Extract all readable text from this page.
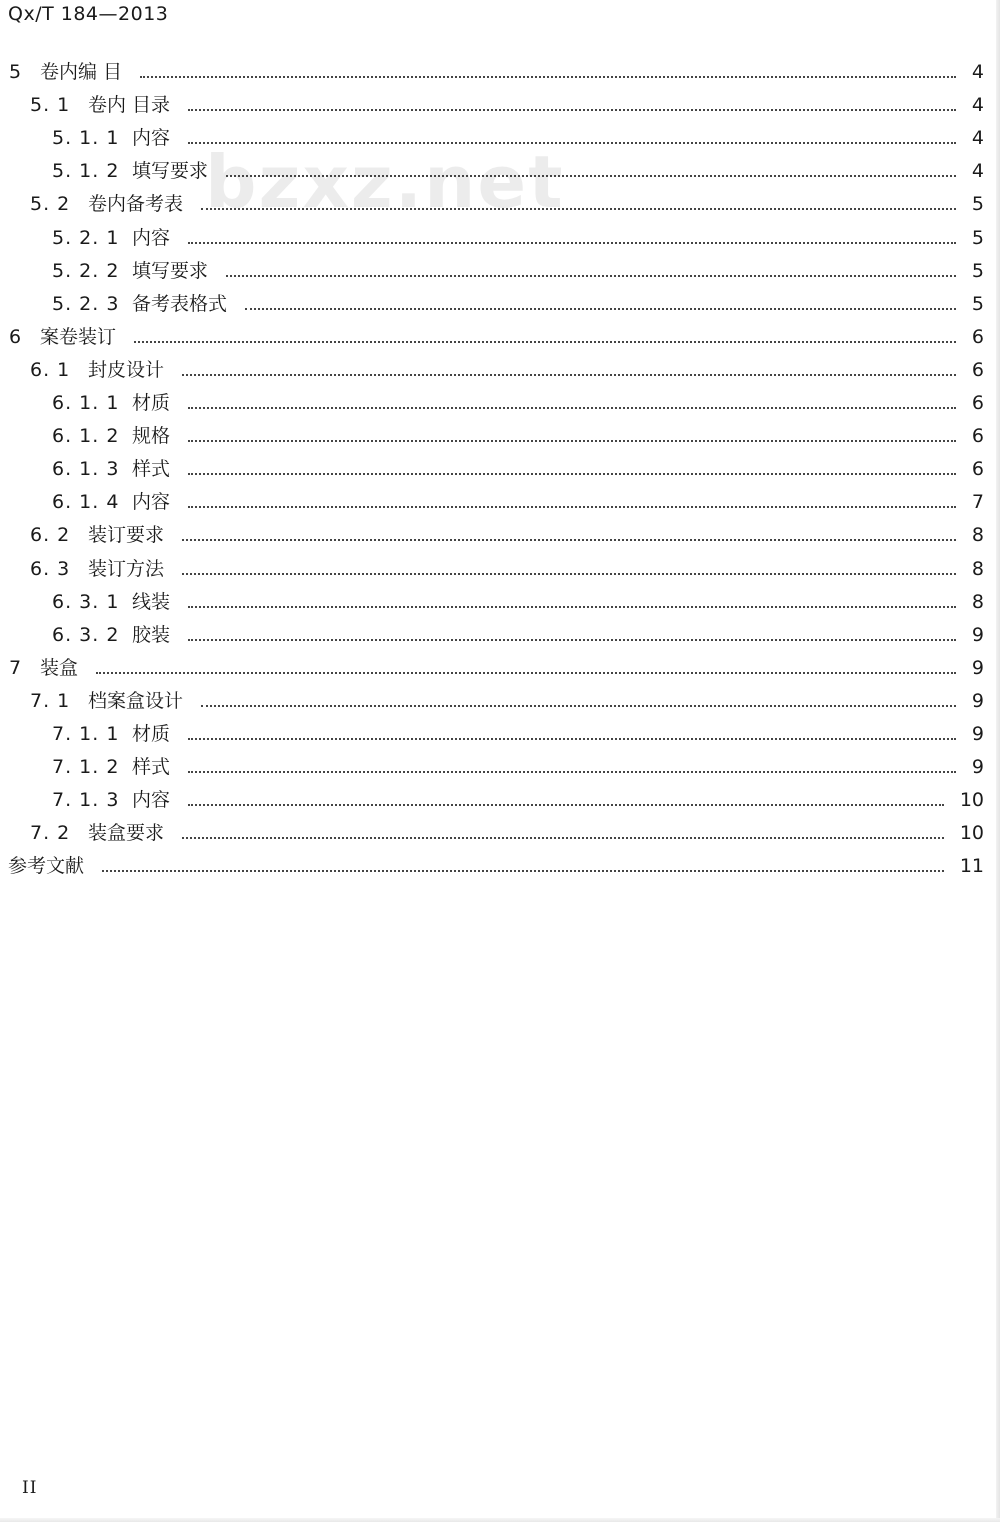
Qx/T 184—2013
bzxz.net
5 卷内编 目	4
5. 1 卷内 目录	4
5. 1. 1 内容	4
5. 1. 2 填写要求	4
5. 2 卷内备考表	5
5. 2. 1 内容	5
5. 2. 2 填写要求	5
5. 2. 3 备考表格式	5
6 案卷装订	6
6. 1 封皮设计	6
6. 1. 1 材质	6
6. 1. 2 规格	6
6. 1. 3 样式	6
6. 1. 4 内容	7
6. 2 装订要求	8
6. 3 装订方法	8
6. 3. 1 线装	8
6. 3. 2 胶装	9
7 装盒	9
7. 1 档案盒设计	9
7. 1. 1 材质	9
7. 1. 2 样式	9
7. 1. 3 内容	10
7. 2 装盒要求	10
参考文献	11
II
